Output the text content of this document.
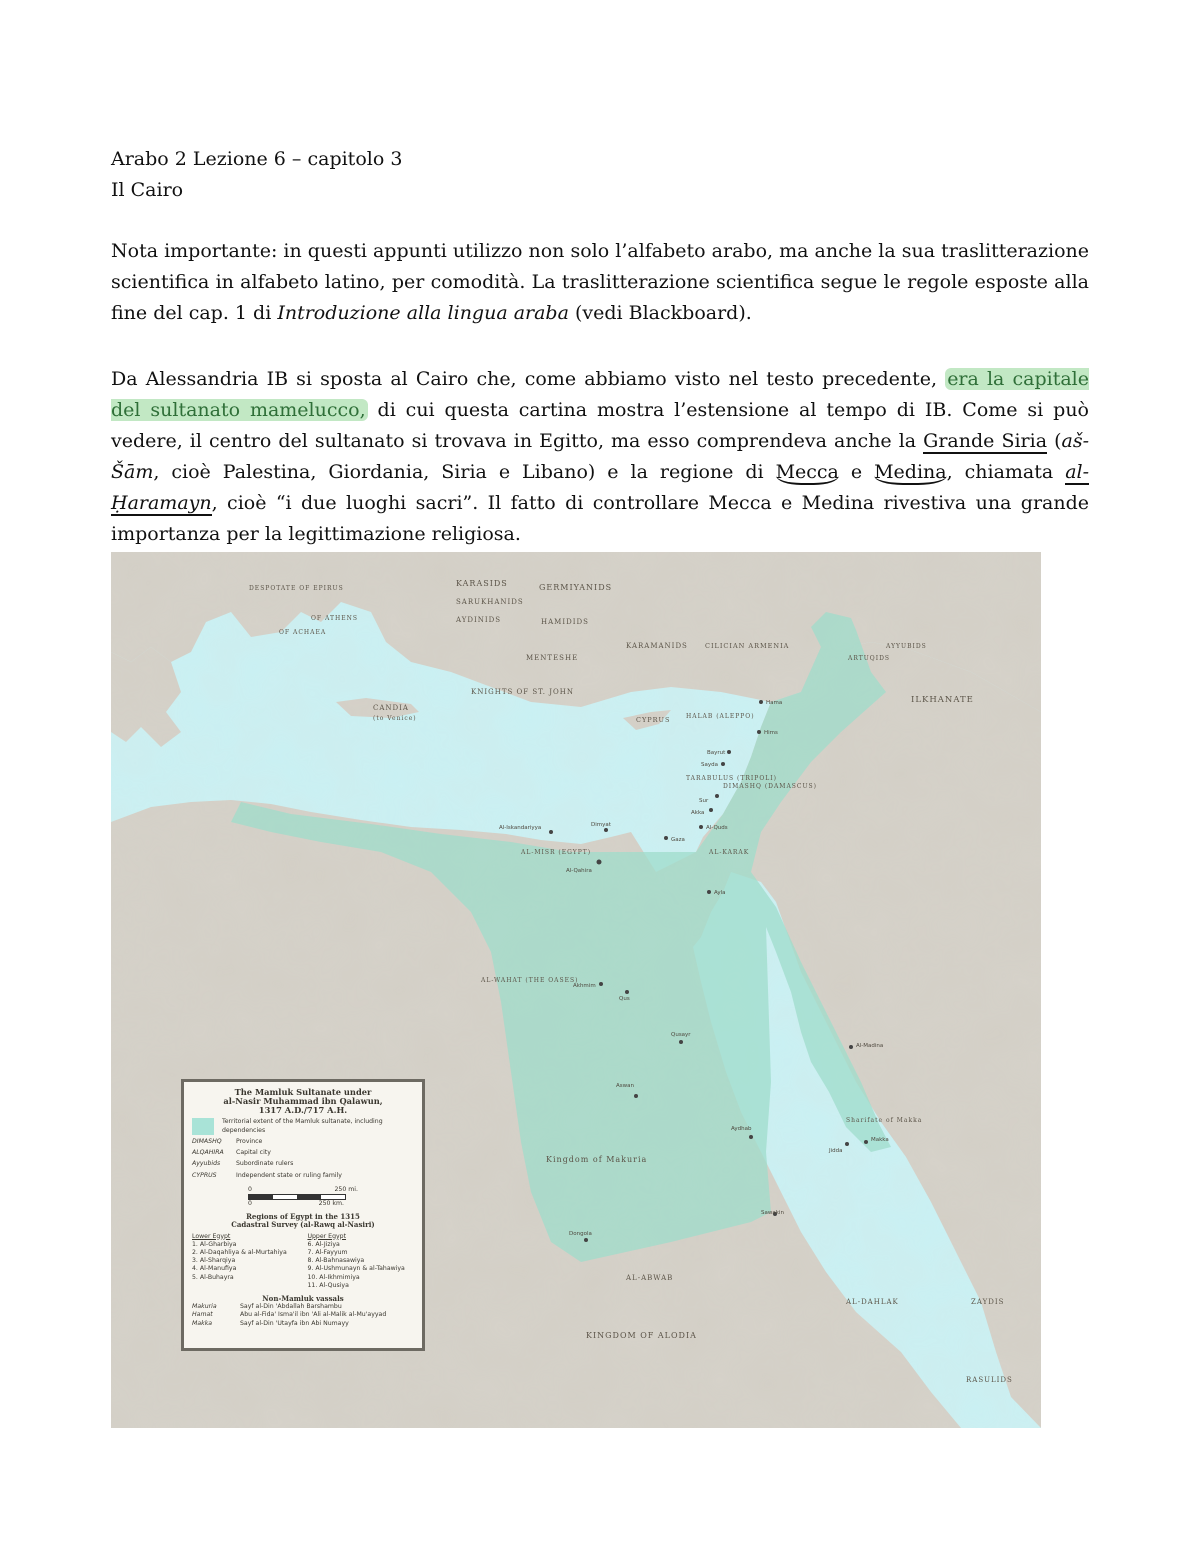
Arabo 2 Lezione 6 – capitolo 3
Il Cairo
Nota importante: in questi appunti utilizzo non solo l’alfabeto arabo, ma anche la sua traslitterazione scientifica in alfabeto latino, per comodità. La traslitterazione scientifica segue le regole esposte alla fine del cap. 1 di Introduzione alla lingua araba (vedi Blackboard).
Da Alessandria IB si sposta al Cairo che, come abbiamo visto nel testo precedente, era la capitale del sultanato mamelucco, di cui questa cartina mostra l’estensione al tempo di IB. Come si può vedere, il centro del sultanato si trovava in Egitto, ma esso comprendeva anche la Grande Siria (aš-Šām, cioè Palestina, Giordania, Siria e Libano) e la regione di Mecca e Medina, chiamata al-Ḥaramayn, cioè “i due luoghi sacri”. Il fatto di controllare Mecca e Medina rivestiva una grande importanza per la legittimazione religiosa.
KARASIDS	GERMIYANIDS
SARUKHANIDS
AYDINIDS	HAMIDIDS
MENTESHE
KARAMANIDS	CILICIAN ARMENIA
KNIGHTS OF ST. JOHN
CANDIA
(to Venice)	CYPRUS
ILKHANATE
ARTUQIDS
AYYUBIDS
HALAB (ALEPPO)
TARABULUS (TRIPOLI)
DIMASHQ (DAMASCUS)
AL-KARAK
AL-MISR (EGYPT)
AL-WAHAT (THE OASES)
Kingdom of Makuria
KINGDOM OF ALODIA
AL-ABWAB
AL-DAHLAK	ZAYDIS
RASULIDS
Sharifate of Makka
DESPOTATE OF EPIRUS
OF ACHAEA
OF ATHENS
Al-Iskandariyya	Dimyat
Al-Qahira
Gaza
Al-Quds
Aswan
Qus
Akhmim
Sawakin
Al-Madina
Makka
Jidda
Dongola
Qusayr
Aydhab
Hama
Hims
Bayrut
Sayda
Sur
Akka
Ayla
The Mamluk Sultanate under
al-Nasir Muhammad ibn Qalawun,
1317 A.D./717 A.H.
Territorial extent of the Mamluk sultanate, including dependencies
DIMASHQ	Province
ALQAHIRA	Capital city
Ayyubids	Subordinate rulers
CYPRUS	Independent state or ruling family
0	250 mi.
0	250 km.
Regions of Egypt in the 1315
Cadastral Survey (al-Rawq al-Nasiri)
Lower Egypt
1. Al-Gharbiya
2. Al-Daqahliya & al-Murtahiya
3. Al-Sharqiya
4. Al-Manufiya
5. Al-Buhayra
Upper Egypt
6. Al-Jiziya
7. Al-Fayyum
8. Al-Bahnasawiya
9. Al-Ushmunayn & al-Tahawiya
10. Al-Ikhmimiya
11. Al-Qusiya
Non-Mamluk vassals
Makuria	Sayf al-Din 'Abdallah Barshambu
Hamat	Abu al-Fida' Isma'il ibn 'Ali al-Malik al-Mu'ayyad
Makka	Sayf al-Din 'Utayfa ibn Abi Numayy
